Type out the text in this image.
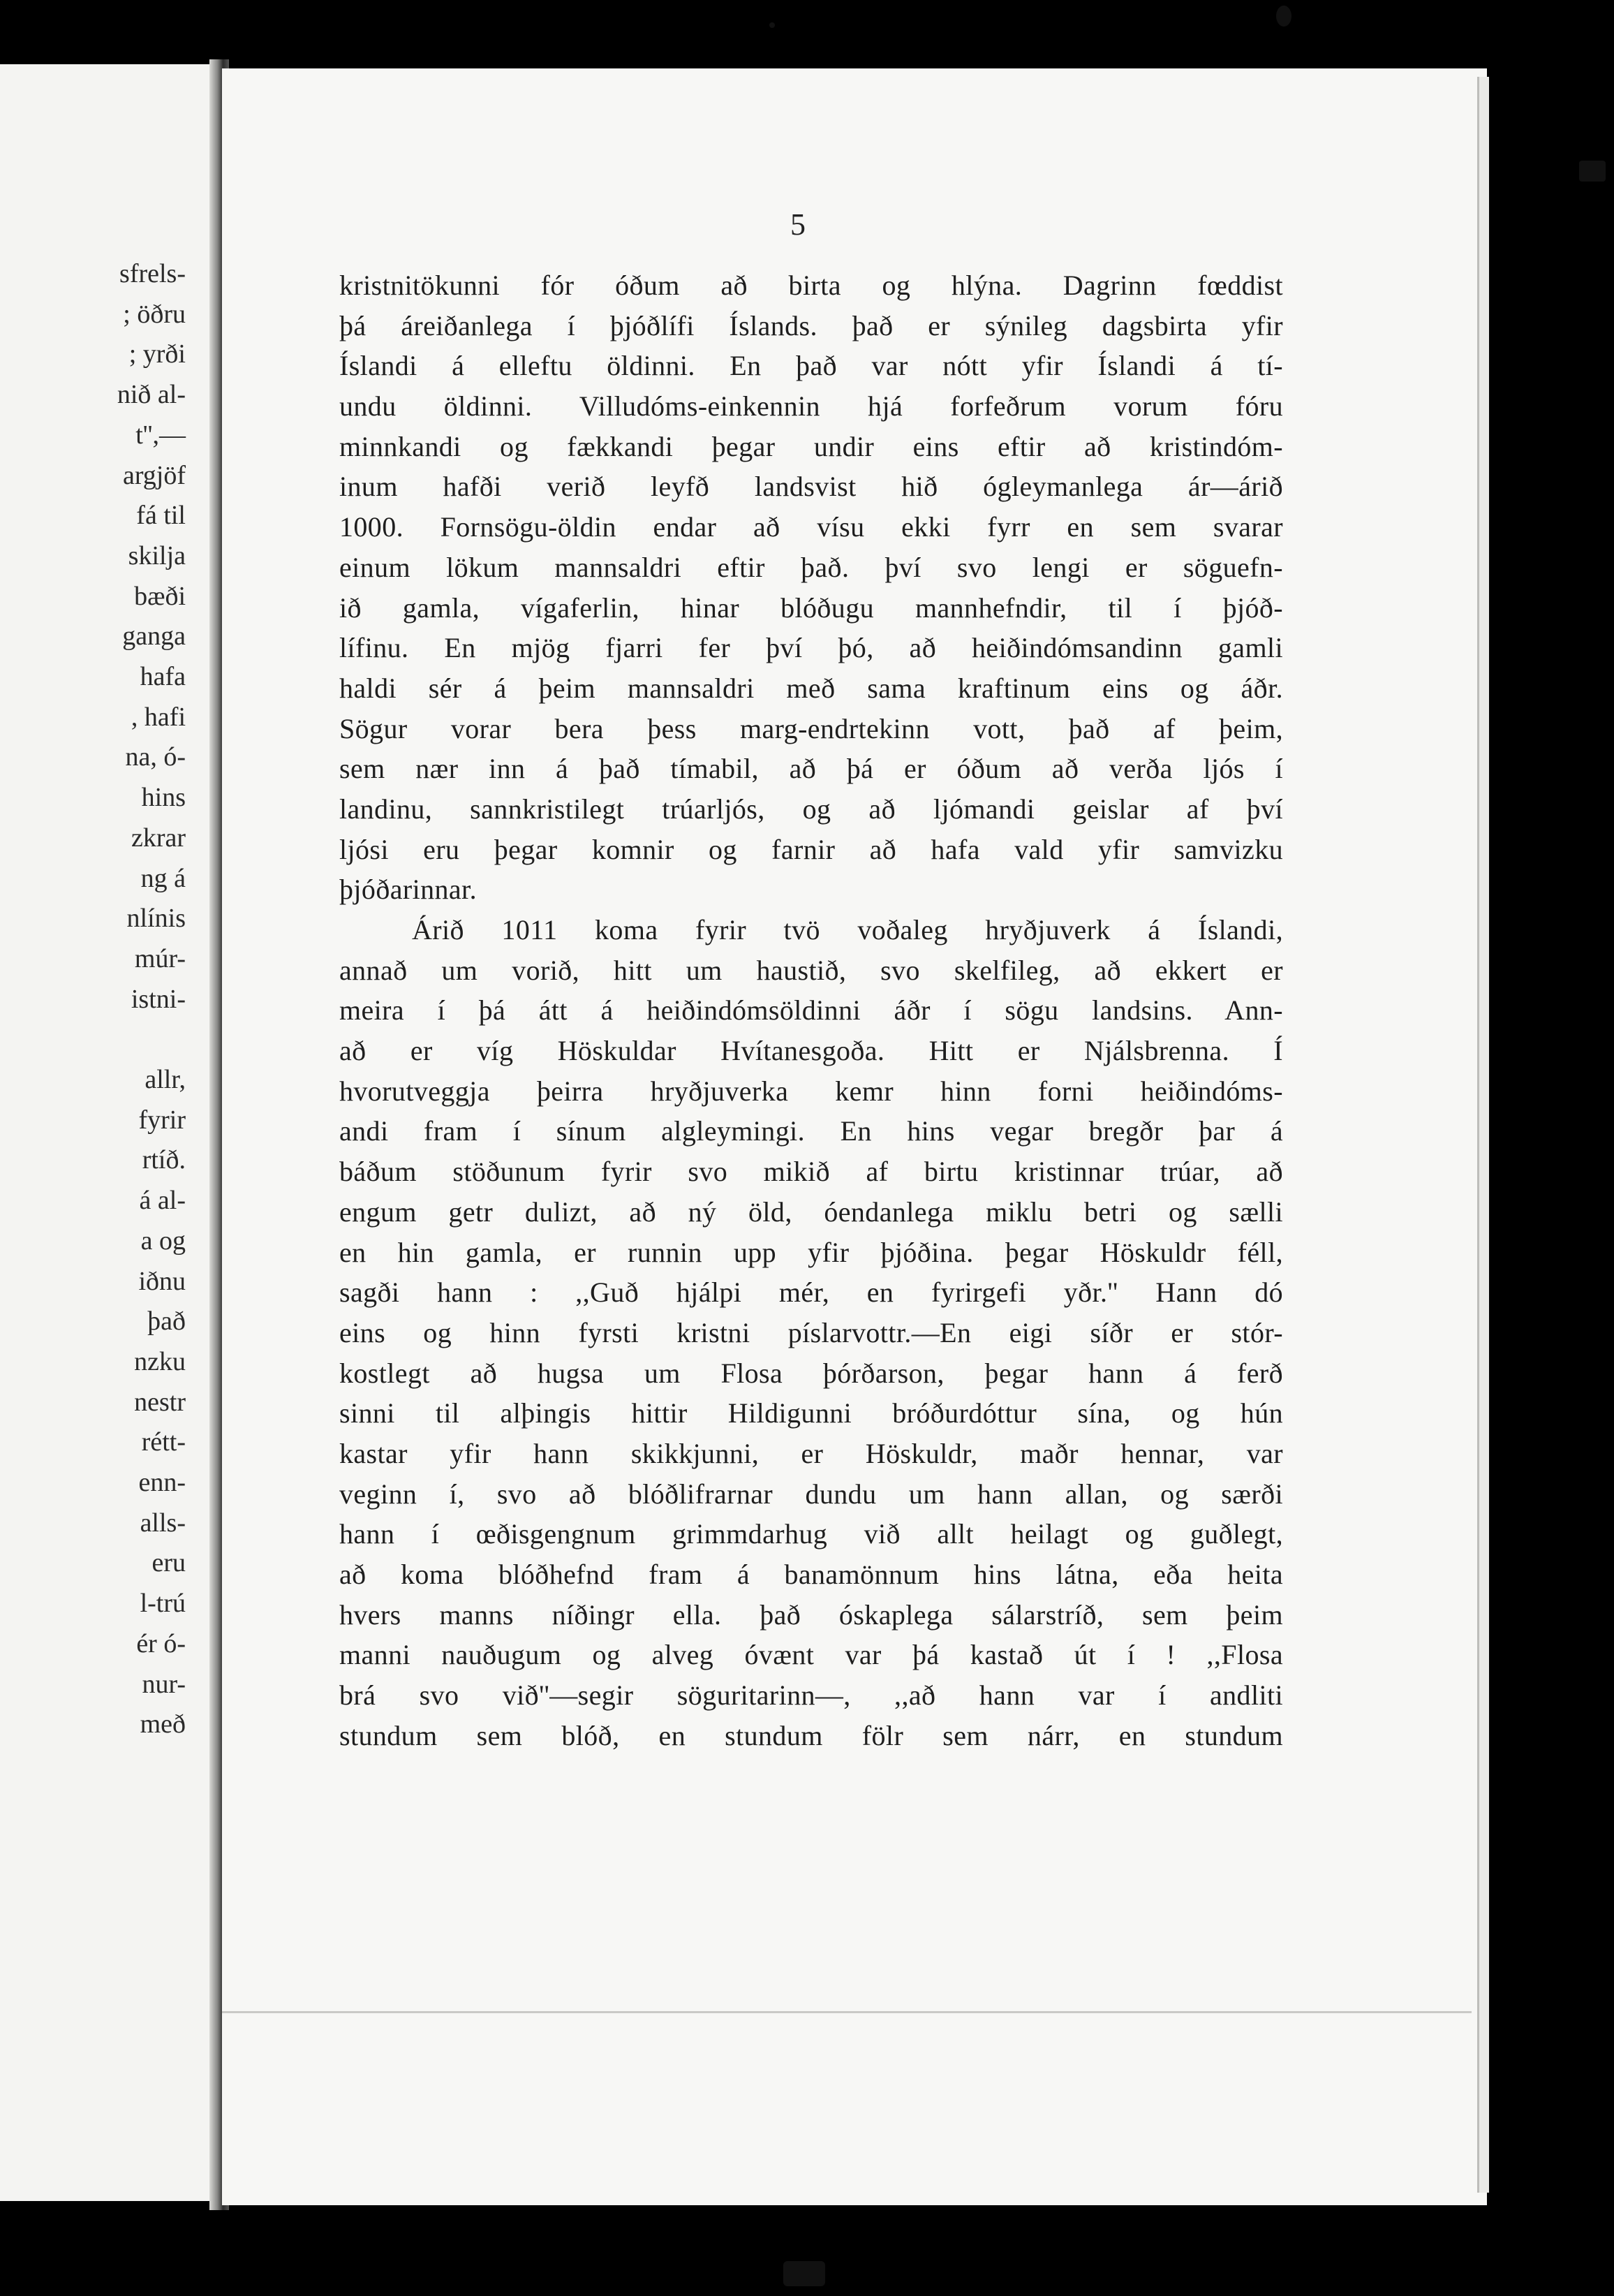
sfrels-
; öðru
; yrði
nið al-
t'',—
argjöf
fá til
skilja
bæði
ganga
hafa
, hafi
na, ó-
hins
zkrar
ng á
nlínis
múr-
istni-
allr,
fyrir
rtíð.
á al-
a og
iðnu
það
nzku
nestr
rétt-
enn-
alls-
eru
l-trú
ér ó-
nur-
með
5
kristnitökunni fór óðum að birta og hlýna. Dagrinn fœddist
þá áreiðanlega í þjóðlífi Íslands. það er sýnileg dagsbirta yfir
Íslandi á elleftu öldinni. En það var nótt yfir Íslandi á tí-
undu öldinni. Villudóms-einkennin hjá forfeðrum vorum fóru
minnkandi og fækkandi þegar undir eins eftir að kristindóm-
inum hafði verið leyfð landsvist hið ógleymanlega ár—árið
1000. Fornsögu-öldin endar að vísu ekki fyrr en sem svarar
einum lökum mannsaldri eftir það. því svo lengi er söguefn-
ið gamla, vígaferlin, hinar blóðugu mannhefndir, til í þjóð-
lífinu. En mjög fjarri fer því þó, að heiðindómsandinn gamli
haldi sér á þeim mannsaldri með sama kraftinum eins og áðr.
Sögur vorar bera þess marg-endrtekinn vott, það af þeim,
sem nær inn á það tímabil, að þá er óðum að verða ljós í
landinu, sannkristilegt trúarljós, og að ljómandi geislar af því
ljósi eru þegar komnir og farnir að hafa vald yfir samvizku
þjóðarinnar.
Árið 1011 koma fyrir tvö voðaleg hryðjuverk á Íslandi,
annað um vorið, hitt um haustið, svo skelfileg, að ekkert er
meira í þá átt á heiðindómsöldinni áðr í sögu landsins. Ann-
að er víg Höskuldar Hvítanesgoða. Hitt er Njálsbrenna. Í
hvorutveggja þeirra hryðjuverka kemr hinn forni heiðindóms-
andi fram í sínum algleymingi. En hins vegar bregðr þar á
báðum stöðunum fyrir svo mikið af birtu kristinnar trúar, að
engum getr dulizt, að ný öld, óendanlega miklu betri og sælli
en hin gamla, er runnin upp yfir þjóðina. þegar Höskuldr féll,
sagði hann : ,,Guð hjálpi mér, en fyrirgefi yðr.'' Hann dó
eins og hinn fyrsti kristni píslarvottr.—En eigi síðr er stór-
kostlegt að hugsa um Flosa þórðarson, þegar hann á ferð
sinni til alþingis hittir Hildigunni bróðurdóttur sína, og hún
kastar yfir hann skikkjunni, er Höskuldr, maðr hennar, var
veginn í, svo að blóðlifrarnar dundu um hann allan, og særði
hann í œðisgengnum grimmdarhug við allt heilagt og guðlegt,
að koma blóðhefnd fram á banamönnum hins látna, eða heita
hvers manns níðingr ella. það óskaplega sálarstríð, sem þeim
manni nauðugum og alveg óvænt var þá kastað út í ! ,,Flosa
brá svo við''—segir söguritarinn—, ,,að hann var í andliti
stundum sem blóð, en stundum fölr sem nárr, en stundum
